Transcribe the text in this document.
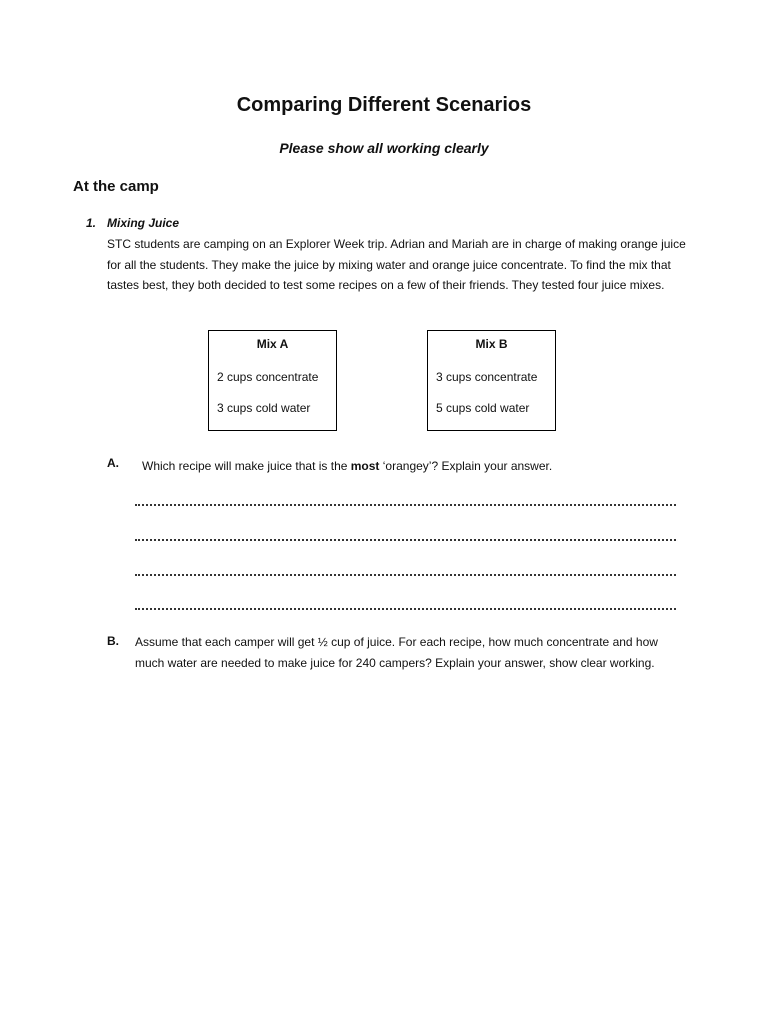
Comparing Different Scenarios
Please show all working clearly
At the camp
1. Mixing Juice
STC students are camping on an Explorer Week trip. Adrian and Mariah are in charge of making orange juice for all the students. They make the juice by mixing water and orange juice concentrate. To find the mix that tastes best, they both decided to test some recipes on a few of their friends. They tested four juice mixes.
Mix A
2 cups concentrate
3 cups cold water
Mix B
3 cups concentrate
5 cups cold water
A. Which recipe will make juice that is the most ‘orangey’? Explain your answer.
B. Assume that each camper will get ½ cup of juice. For each recipe, how much concentrate and how much water are needed to make juice for 240 campers? Explain your answer, show clear working.
